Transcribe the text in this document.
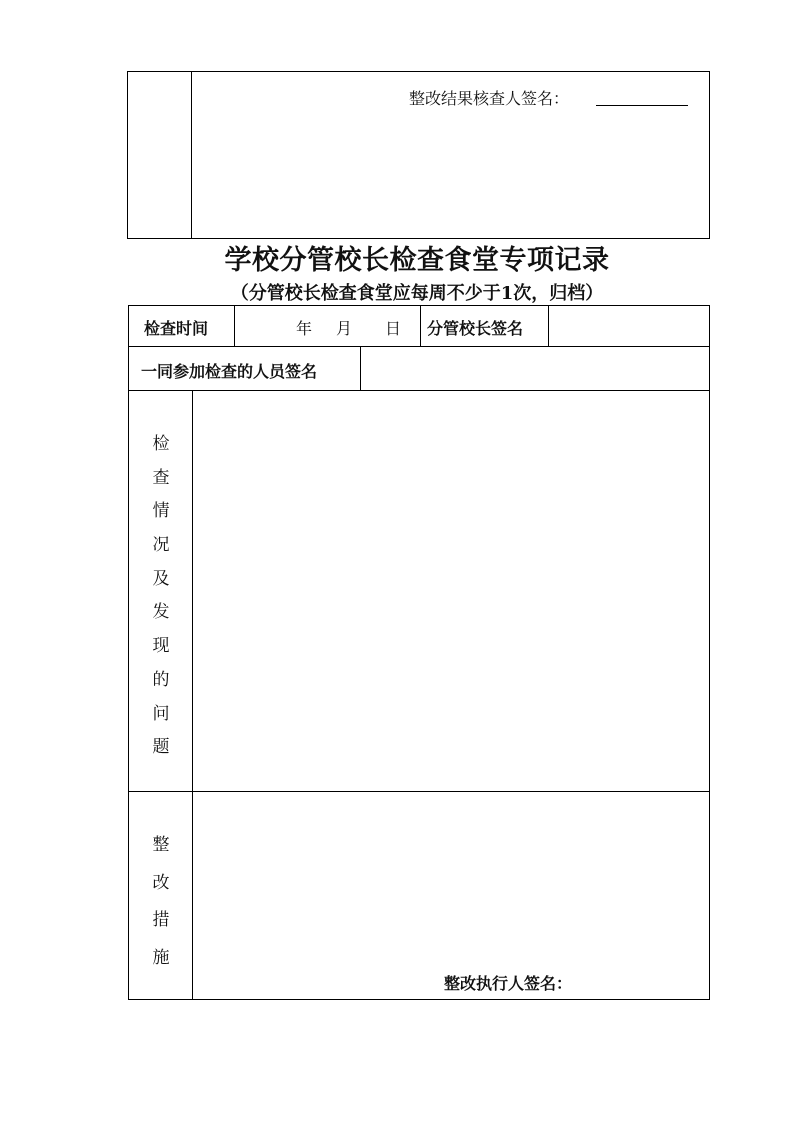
整改结果核查人签名：
学校分管校长检查食堂专项记录
（分管校长检查食堂应每周不少于1次，归档）
检查时间	年 月 日 分管校长签名
一同参加检查的人员签名
检
查
情
况
及
发
现
的
问
题
整
改
措
施
整改执行人签名：
